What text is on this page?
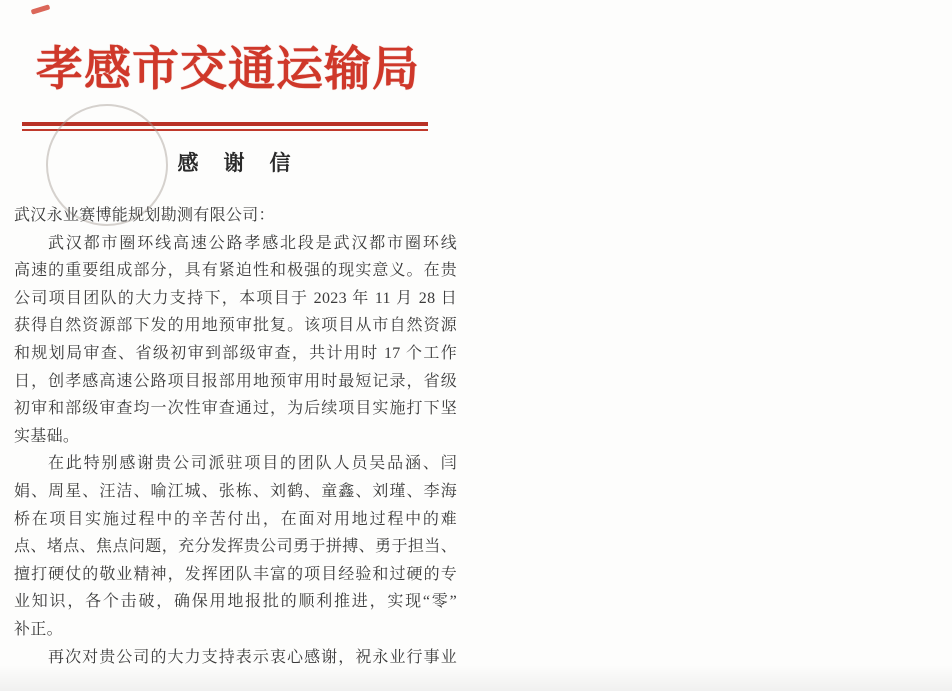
孝感市交通运输局
感　谢　信
武汉永业赛博能规划勘测有限公司：
武汉都市圈环线高速公路孝感北段是武汉都市圈环线
高速的重要组成部分，具有紧迫性和极强的现实意义。在贵
公司项目团队的大力支持下，本项目于 2023 年 11 月 28 日
获得自然资源部下发的用地预审批复。该项目从市自然资源
和规划局审查、省级初审到部级审查，共计用时 17 个工作
日，创孝感高速公路项目报部用地预审用时最短记录，省级
初审和部级审查均一次性审查通过，为后续项目实施打下坚
实基础。
在此特别感谢贵公司派驻项目的团队人员吴品涵、闫
娟、周星、汪洁、喻江城、张栋、刘鹤、童鑫、刘瑾、李海
桥在项目实施过程中的辛苦付出，在面对用地过程中的难
点、堵点、焦点问题，充分发挥贵公司勇于拼搏、勇于担当、
擅打硬仗的敬业精神，发挥团队丰富的项目经验和过硬的专
业知识，各个击破，确保用地报批的顺利推进，实现“零”
补正。
再次对贵公司的大力支持表示衷心感谢，祝永业行事业
